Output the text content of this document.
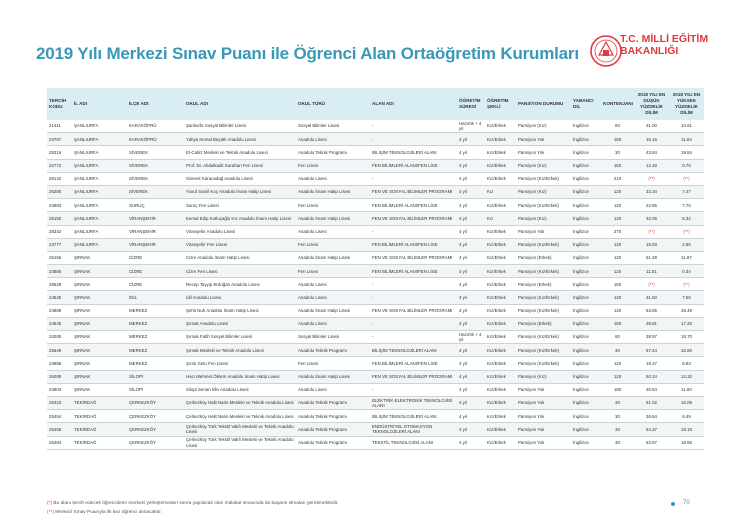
2019 Yılı Merkezi Sınav Puanı ile Öğrenci Alan Ortaöğretim Kurumları
T.C. MİLLİ EĞİTİM
BAKANLIĞI
TERCİH KODU	İL ADI	İLÇE ADI	OKUL ADI	OKUL TÜRÜ	ALAN ADI	ÖĞRETİM SÜRESİ	ÖĞRETİM ŞEKLİ	PANSİYON DURUMU	YABANCI DİL	KONTENJANI	2018 YILI EN DÜŞÜK YÜZDELİK DİLİM	2018 YILI EN YÜKSEK YÜZDELİK DİLİM
21411	ŞANLIURFA	KARAKÖPRÜ	Şanlıurfa Sosyal Bilimler Lisesi	Sosyal Bilimler Lisesi	-	Hazırlık + 4 yıl	Kız/Erkek	Pansiyon (Kız)	İngilizce	60	31.00	10.61
23767	ŞANLIURFA	KARAKÖPRÜ	Yahya Kemal Beyatlı Anadolu Lisesi	Anadolu Lisesi	-	4 yıl	Kız/Erkek	Pansiyon Yok	İngilizce	150	16.16	11.84
25316	ŞANLIURFA	SİVEREK	El-Cabiz Mesleki ve Teknik Anadolu Lisesi	Anadolu Teknik Programı	BİLİŞİM TEKNOLOJİLERİ ALANI	4 yıl	Kız/Erkek	Pansiyon Yok	İngilizce	30	43.84	19.84
22772	ŞANLIURFA	SİVEREK	Prof. Dr. Abdulkadir Karahan Fen Lisesi	Fen Lisesi	FEN BİLİMLERİ ALANI/FEN LİSE	4 yıl	Kız/Erkek	Pansiyon (Kız)	İngilizce	150	12.48	0.70
28142	ŞANLIURFA	SİVEREK	Siverek Karacadağ Anadolu Lisesi	Anadolu Lisesi	-	4 yıl	Kız/Erkek	Pansiyon (Kız/Erkek)	İngilizce	210	(**)	(**)
26280	ŞANLIURFA	SİVEREK	Yusuf Samil Koç Anadolu İmam Hatip Lisesi	Anadolu İmam Hatip Lisesi	FEN VE SOSYAL BİLİMLER PROGRAMI	4 yıl	Kız	Pansiyon (Kız)	İngilizce	120	32.34	7.47
23883	ŞANLIURFA	SURUÇ	Suruç Fen Lisesi	Fen Lisesi	FEN BİLİMLERİ ALANI/FEN LİSE	4 yıl	Kız/Erkek	Pansiyon (Kız/Erkek)	İngilizce	120	22.85	7.70
25150	ŞANLIURFA	VİRANŞEHİR	Kemal Edip Kutluçağlu Kız Anadolu İmam Hatip Lisesi	Anadolu İmam Hatip Lisesi	FEN VE SOSYAL BİLİMLER PROGRAMI	4 yıl	Kız	Pansiyon (Kız)	İngilizce	120	32.05	5.32
28342	ŞANLIURFA	VİRANŞEHİR	Viranşehir Anadolu Lisesi	Anadolu Lisesi	-	4 yıl	Kız/Erkek	Pansiyon Yok	İngilizce	270	(**)	(**)
23777	ŞANLIURFA	VİRANŞEHİR	Viranşehir Fen Lisesi	Fen Lisesi	FEN BİLİMLERİ ALANI/FEN LİSE	4 yıl	Kız/Erkek	Pansiyon (Kız/Erkek)	İngilizce	120	15.03	2.85
25156	ŞIRNAK	CİZRE	Cizre Anadolu İmam Hatip Lisesi	Anadolu İmam Hatip Lisesi	FEN VE SOSYAL BİLİMLER PROGRAMI	4 yıl	Kız/Erkek	Pansiyon (Erkek)	İngilizce	120	51.28	11.87
24880	ŞIRNAK	CİZRE	Cizre Fen Lisesi	Fen Lisesi	FEN BİLİMLERİ ALANI/FEN LİSE	4 yıl	Kız/Erkek	Pansiyon (Kız/Erkek)	İngilizce	120	11.51	0.34
28528	ŞIRNAK	CİZRE	Recep Tayyip Erdoğan Anadolu Lisesi	Anadolu Lisesi	-	4 yıl	Kız/Erkek	Pansiyon (Erkek)	İngilizce	150	(**)	(**)
24540	ŞIRNAK	İDİL	İdil Anadolu Lisesi	Anadolu Lisesi	-	4 yıl	Kız/Erkek	Pansiyon (Kız/Erkek)	İngilizce	120	31.50	7.56
24888	ŞIRNAK	MERKEZ	Şehit Nuh Anadolu İmam Hatip Lisesi	Anadolu İmam Hatip Lisesi	FEN VE SOSYAL BİLİMLER PROGRAMI	4 yıl	Kız/Erkek	Pansiyon (Kız/Erkek)	İngilizce	120	63.65	36.49
24545	ŞIRNAK	MERKEZ	Şırnak Anadolu Lisesi	Anadolu Lisesi	-	4 yıl	Kız/Erkek	Pansiyon (Erkek)	İngilizce	150	38.81	17.20
24285	ŞIRNAK	MERKEZ	Şırnak Fatih Sosyal Bilimler Lisesi	Sosyal Bilimler Lisesi	-	Hazırlık + 4 yıl	Kız/Erkek	Pansiyon (Kız/Erkek)	İngilizce	60	38.97	19.70
25649	ŞIRNAK	MERKEZ	Şırnak Mesleki ve Teknik Anadolu Lisesi	Anadolu Teknik Programı	BİLİŞİM TEKNOLOJİLERİ ALANI	4 yıl	Kız/Erkek	Pansiyon (Kız/Erkek)	İngilizce	30	57.44	32.60
23888	ŞIRNAK	MERKEZ	Şırnlı Gelu Fen Lisesi	Fen Lisesi	FEN BİLİMLERİ ALANI/FEN LİSE	4 yıl	Kız/Erkek	Pansiyon (Kız/Erkek)	İngilizce	120	18.27	8.83
26289	ŞIRNAK	SİLOPİ	Hacı Mehmet Öktem Anadolu İmam Hatip Lisesi	Anadolu İmam Hatip Lisesi	FEN VE SOSYAL BİLİMLER PROGRAMI	4 yıl	Kız/Erkek	Pansiyon (Kız)	İngilizce	120	50.24	12.32
23803	ŞIRNAK	SİLOPİ	Silopi Senan İdin Anadolu Lisesi	Anadolu Lisesi	-	4 yıl	Kız/Erkek	Pansiyon Yok	İngilizce	180	30.54	11.60
25323	TEKİRDAĞ	ÇERKEZKÖY	Çerkezköy Halit Narin Mesleki ve Teknik Anadolu Lisesi	Anadolu Teknik Programı	ELEKTRİK-ELEKTRONİK TEKNOLOJİSİ ALANI	4 yıl	Kız/Erkek	Pansiyon Yok	İngilizce	30	51.02	16.09
25454	TEKİRDAĞ	ÇERKEZKÖY	Çerkezköy Halit Narin Mesleki ve Teknik Anadolu Lisesi	Anadolu Teknik Programı	BİLİŞİM TEKNOLOJİLERİ ALANI	4 yıl	Kız/Erkek	Pansiyon Yok	İngilizce	30	36.64	8.49
25458	TEKİRDAĞ	ÇERKEZKÖY	Çerkezköy Türk Tekstil Vakfı Mesleki ve Teknik Anadolu Lisesi	Anadolu Teknik Programı	ENDÜSTRİYEL OTOMASYON TEKNOLOJİLERİ ALANI	4 yıl	Kız/Erkek	Pansiyon Yok	İngilizce	30	54.37	18.18
25484	TEKİRDAĞ	ÇERKEZKÖY	Çerkezköy Türk Tekstil Vakfı Mesleki ve Teknik Anadolu Lisesi	Anadolu Teknik Programı	TEKSTİL TEKNOLOJİSİ ALANI	4 yıl	Kız/Erkek	Pansiyon Yok	İngilizce	30	63.87	18.55
(*) Bu alanı tercih edecek öğrencilerin merkezi yerleştirmeden sonra yapılacak olan mülakat sınavında da başarılı olmaları gerekmektedir.
(**) Merkezi Sınav Puanıyla ilk kez öğrenci alınacaktır.
70
